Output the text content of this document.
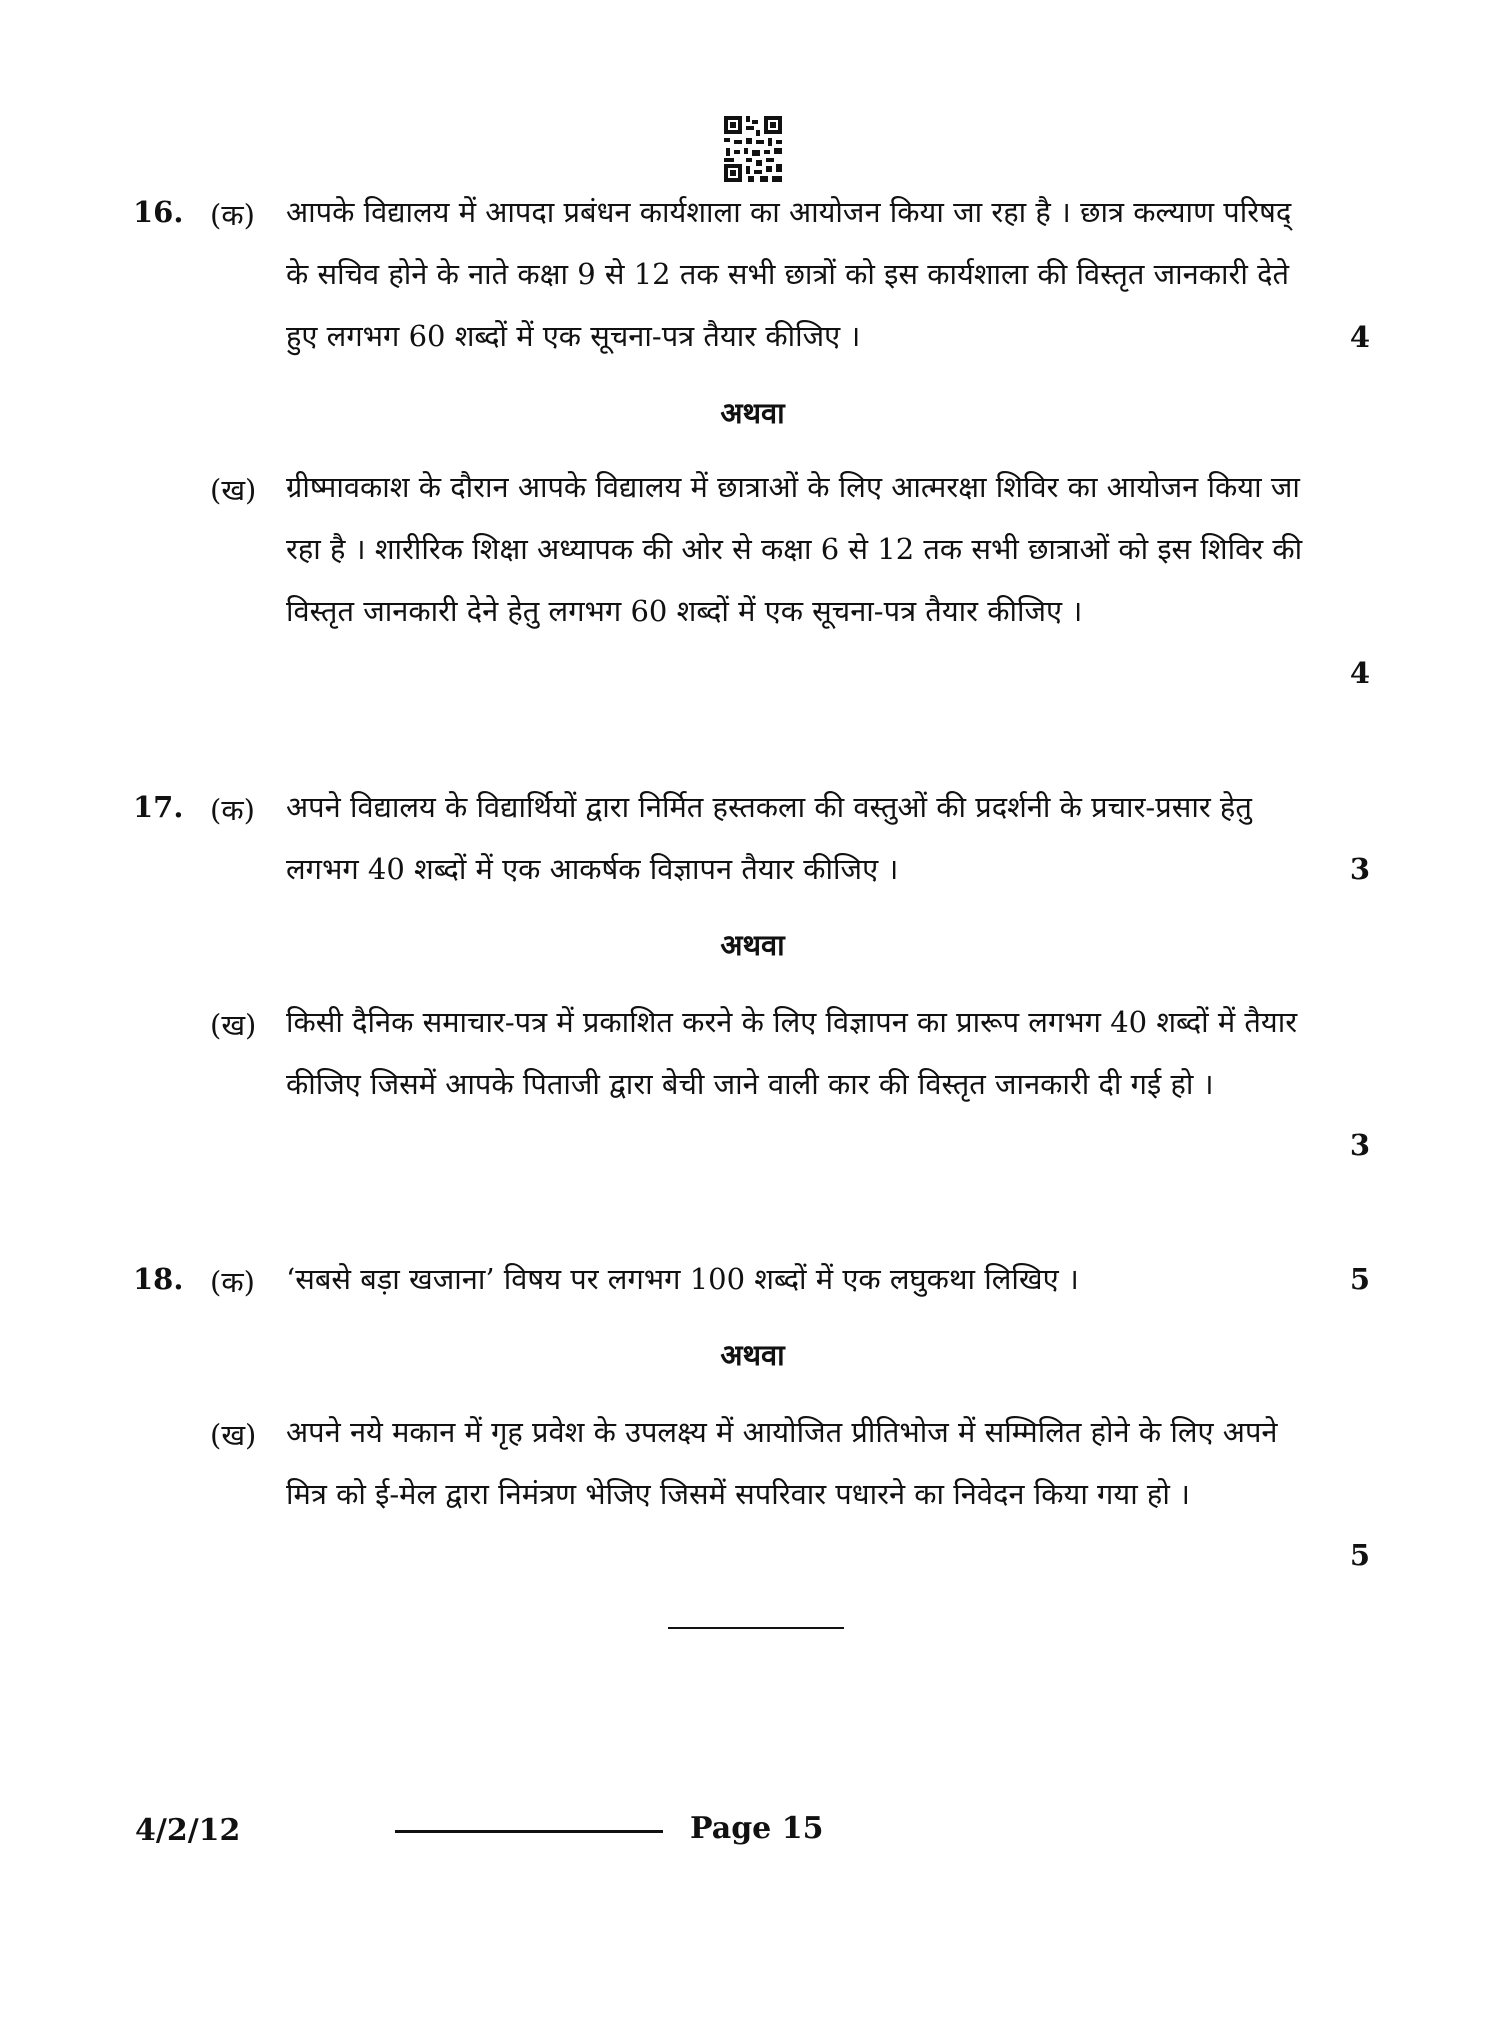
16. (क) आपके विद्यालय में आपदा प्रबंधन कार्यशाला का आयोजन किया जा रहा है । छात्र कल्याण परिषद् के सचिव होने के नाते कक्षा 9 से 12 तक सभी छात्रों को इस कार्यशाला की विस्तृत जानकारी देते हुए लगभग 60 शब्दों में एक सूचना-पत्र तैयार कीजिए ।	4
अथवा
(ख) ग्रीष्मावकाश के दौरान आपके विद्यालय में छात्राओं के लिए आत्मरक्षा शिविर का आयोजन किया जा रहा है । शारीरिक शिक्षा अध्यापक की ओर से कक्षा 6 से 12 तक सभी छात्राओं को इस शिविर की विस्तृत जानकारी देने हेतु लगभग 60 शब्दों में एक सूचना-पत्र तैयार कीजिए ।
4
17. (क) अपने विद्यालय के विद्यार्थियों द्वारा निर्मित हस्तकला की वस्तुओं की प्रदर्शनी के प्रचार-प्रसार हेतु लगभग 40 शब्दों में एक आकर्षक विज्ञापन तैयार कीजिए ।	3
अथवा
(ख) किसी दैनिक समाचार-पत्र में प्रकाशित करने के लिए विज्ञापन का प्रारूप लगभग 40 शब्दों में तैयार कीजिए जिसमें आपके पिताजी द्वारा बेची जाने वाली कार की विस्तृत जानकारी दी गई हो ।
3
18. (क) ‘सबसे बड़ा खजाना’ विषय पर लगभग 100 शब्दों में एक लघुकथा लिखिए ।	5
अथवा
(ख) अपने नये मकान में गृह प्रवेश के उपलक्ष्य में आयोजित प्रीतिभोज में सम्मिलित होने के लिए अपने मित्र को ई-मेल द्वारा निमंत्रण भेजिए जिसमें सपरिवार पधारने का निवेदन किया गया हो ।
5
4/2/12	Page 15
